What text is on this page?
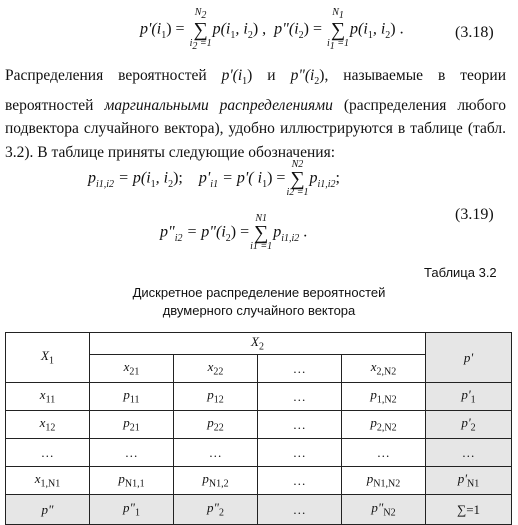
$p'(i_1)$ =
$N_2$
∑
$i_2 =1$
$p(i_1$, $i_2$) , $p"(i_2)$ =
$N_1$
∑
$i_1 =1$
$p(i_1$, $i_2$) .	(3.18)
Распределения вероятностей $p'(i_1)$ и $p"(i_2)$, называемые в теории вероятностей маргинальными распределениями (распределения любого подвектора случайного вектора), удобно иллюстрируются в таблице (табл. 3.2). В таблице приняты следующие обозначения:
$p_{i1,i2} = p(i_1$, $i_2$); $p'_{i1} = p'$( $i_1$) =
N2
∑
i2 =1
$p_{i1,i2}$;
(3.19)
$p"_{i2}$ = $p"(i_2)$ =
N1
∑
i1 =1
$p_{i1,i2}$ .
Таблица 3.2
Дискретное распределение вероятностей
двумерного случайного вектора
$X_1$	$X_2$				p'
	$x_{21}$	$x_{22}$	…	$x_{2,N2}$
$x_{11}$	$p_{11}$	$p_{12}$	…	$p_{1,N2}$	$p'_1$
$x_{12}$	$p_{21}$	$p_{22}$	…	$p_{2,N2}$	$p'_2$
…	…	…	…	…	…
$x_{1,N1}$	$p_{N1,1}$	$p_{N1,2}$	…	$p_{N1,N2}$	$p'_{N1}$
p"	$p"_1$	$p"_2$	…	$p"_{N2}$	∑=1
